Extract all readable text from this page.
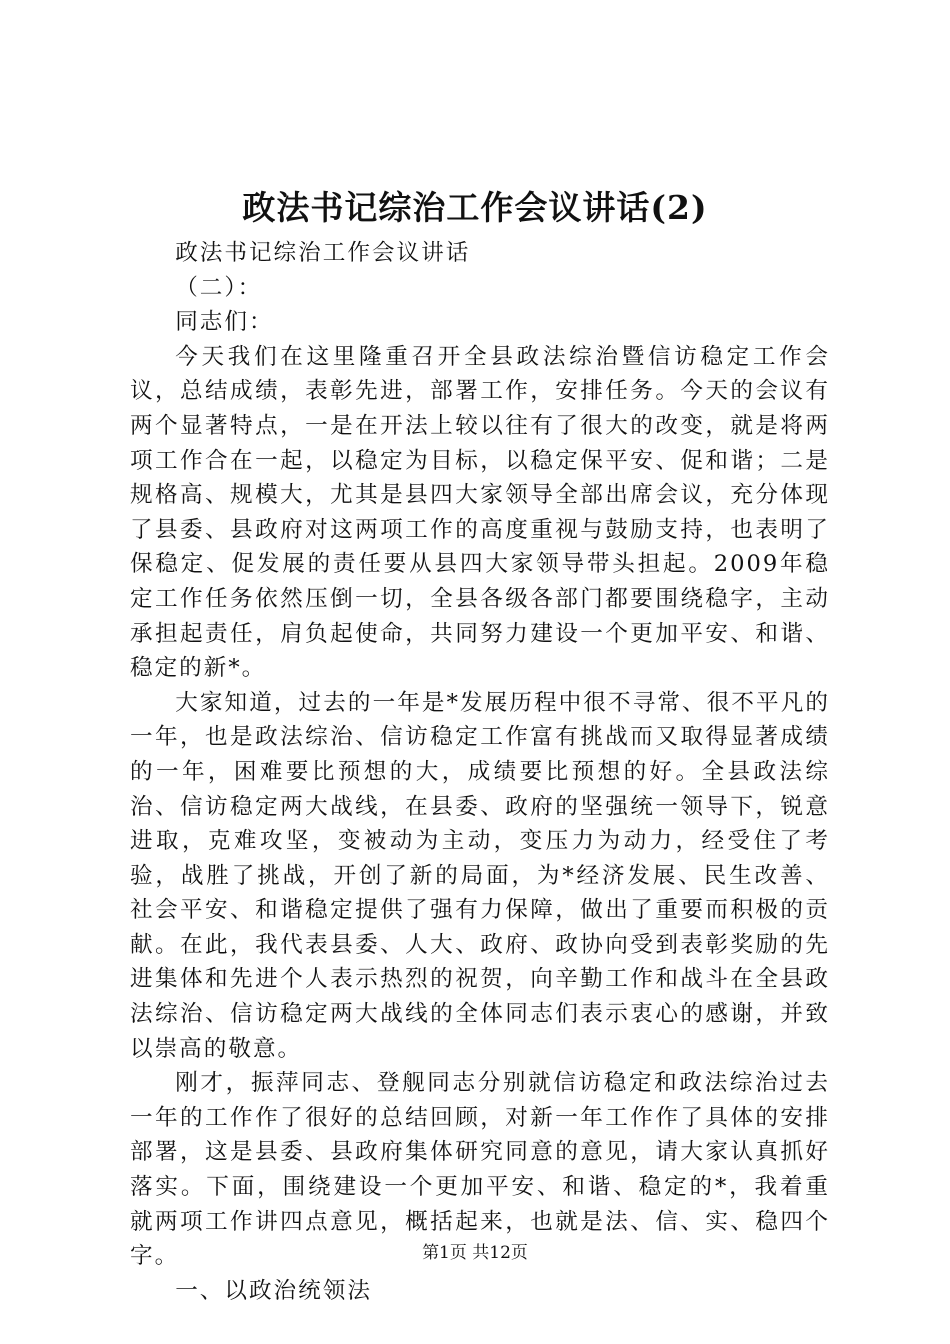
政法书记综治工作会议讲话(2)

政法书记综治工作会议讲话

（二）：

同志们：

今天我们在这里隆重召开全县政法综治暨信访稳定工作会议，总结成绩，表彰先进，部署工作，安排任务。今天的会议有两个显著特点，一是在开法上较以往有了很大的改变，就是将两项工作合在一起，以稳定为目标，以稳定保平安、促和谐；二是规格高、规模大，尤其是县四大家领导全部出席会议，充分体现了县委、县政府对这两项工作的高度重视与鼓励支持，也表明了保稳定、促发展的责任要从县四大家领导带头担起。2009年稳定工作任务依然压倒一切，全县各级各部门都要围绕稳字，主动承担起责任，肩负起使命，共同努力建设一个更加平安、和谐、稳定的新*。

大家知道，过去的一年是*发展历程中很不寻常、很不平凡的一年，也是政法综治、信访稳定工作富有挑战而又取得显著成绩的一年，困难要比预想的大，成绩要比预想的好。全县政法综治、信访稳定两大战线，在县委、政府的坚强统一领导下，锐意进取，克难攻坚，变被动为主动，变压力为动力，经受住了考验，战胜了挑战，开创了新的局面，为*经济发展、民生改善、社会平安、和谐稳定提供了强有力保障，做出了重要而积极的贡献。在此，我代表县委、人大、政府、政协向受到表彰奖励的先进集体和先进个人表示热烈的祝贺，向辛勤工作和战斗在全县政法综治、信访稳定两大战线的全体同志们表示衷心的感谢，并致以崇高的敬意。

刚才，振萍同志、登舰同志分别就信访稳定和政法综治过去一年的工作作了很好的总结回顾，对新一年工作作了具体的安排部署，这是县委、县政府集体研究同意的意见，请大家认真抓好落实。下面，围绕建设一个更加平安、和谐、稳定的*，我着重就两项工作讲四点意见，概括起来，也就是法、信、实、稳四个字。

一、以政治统领法

第1页 共12页
